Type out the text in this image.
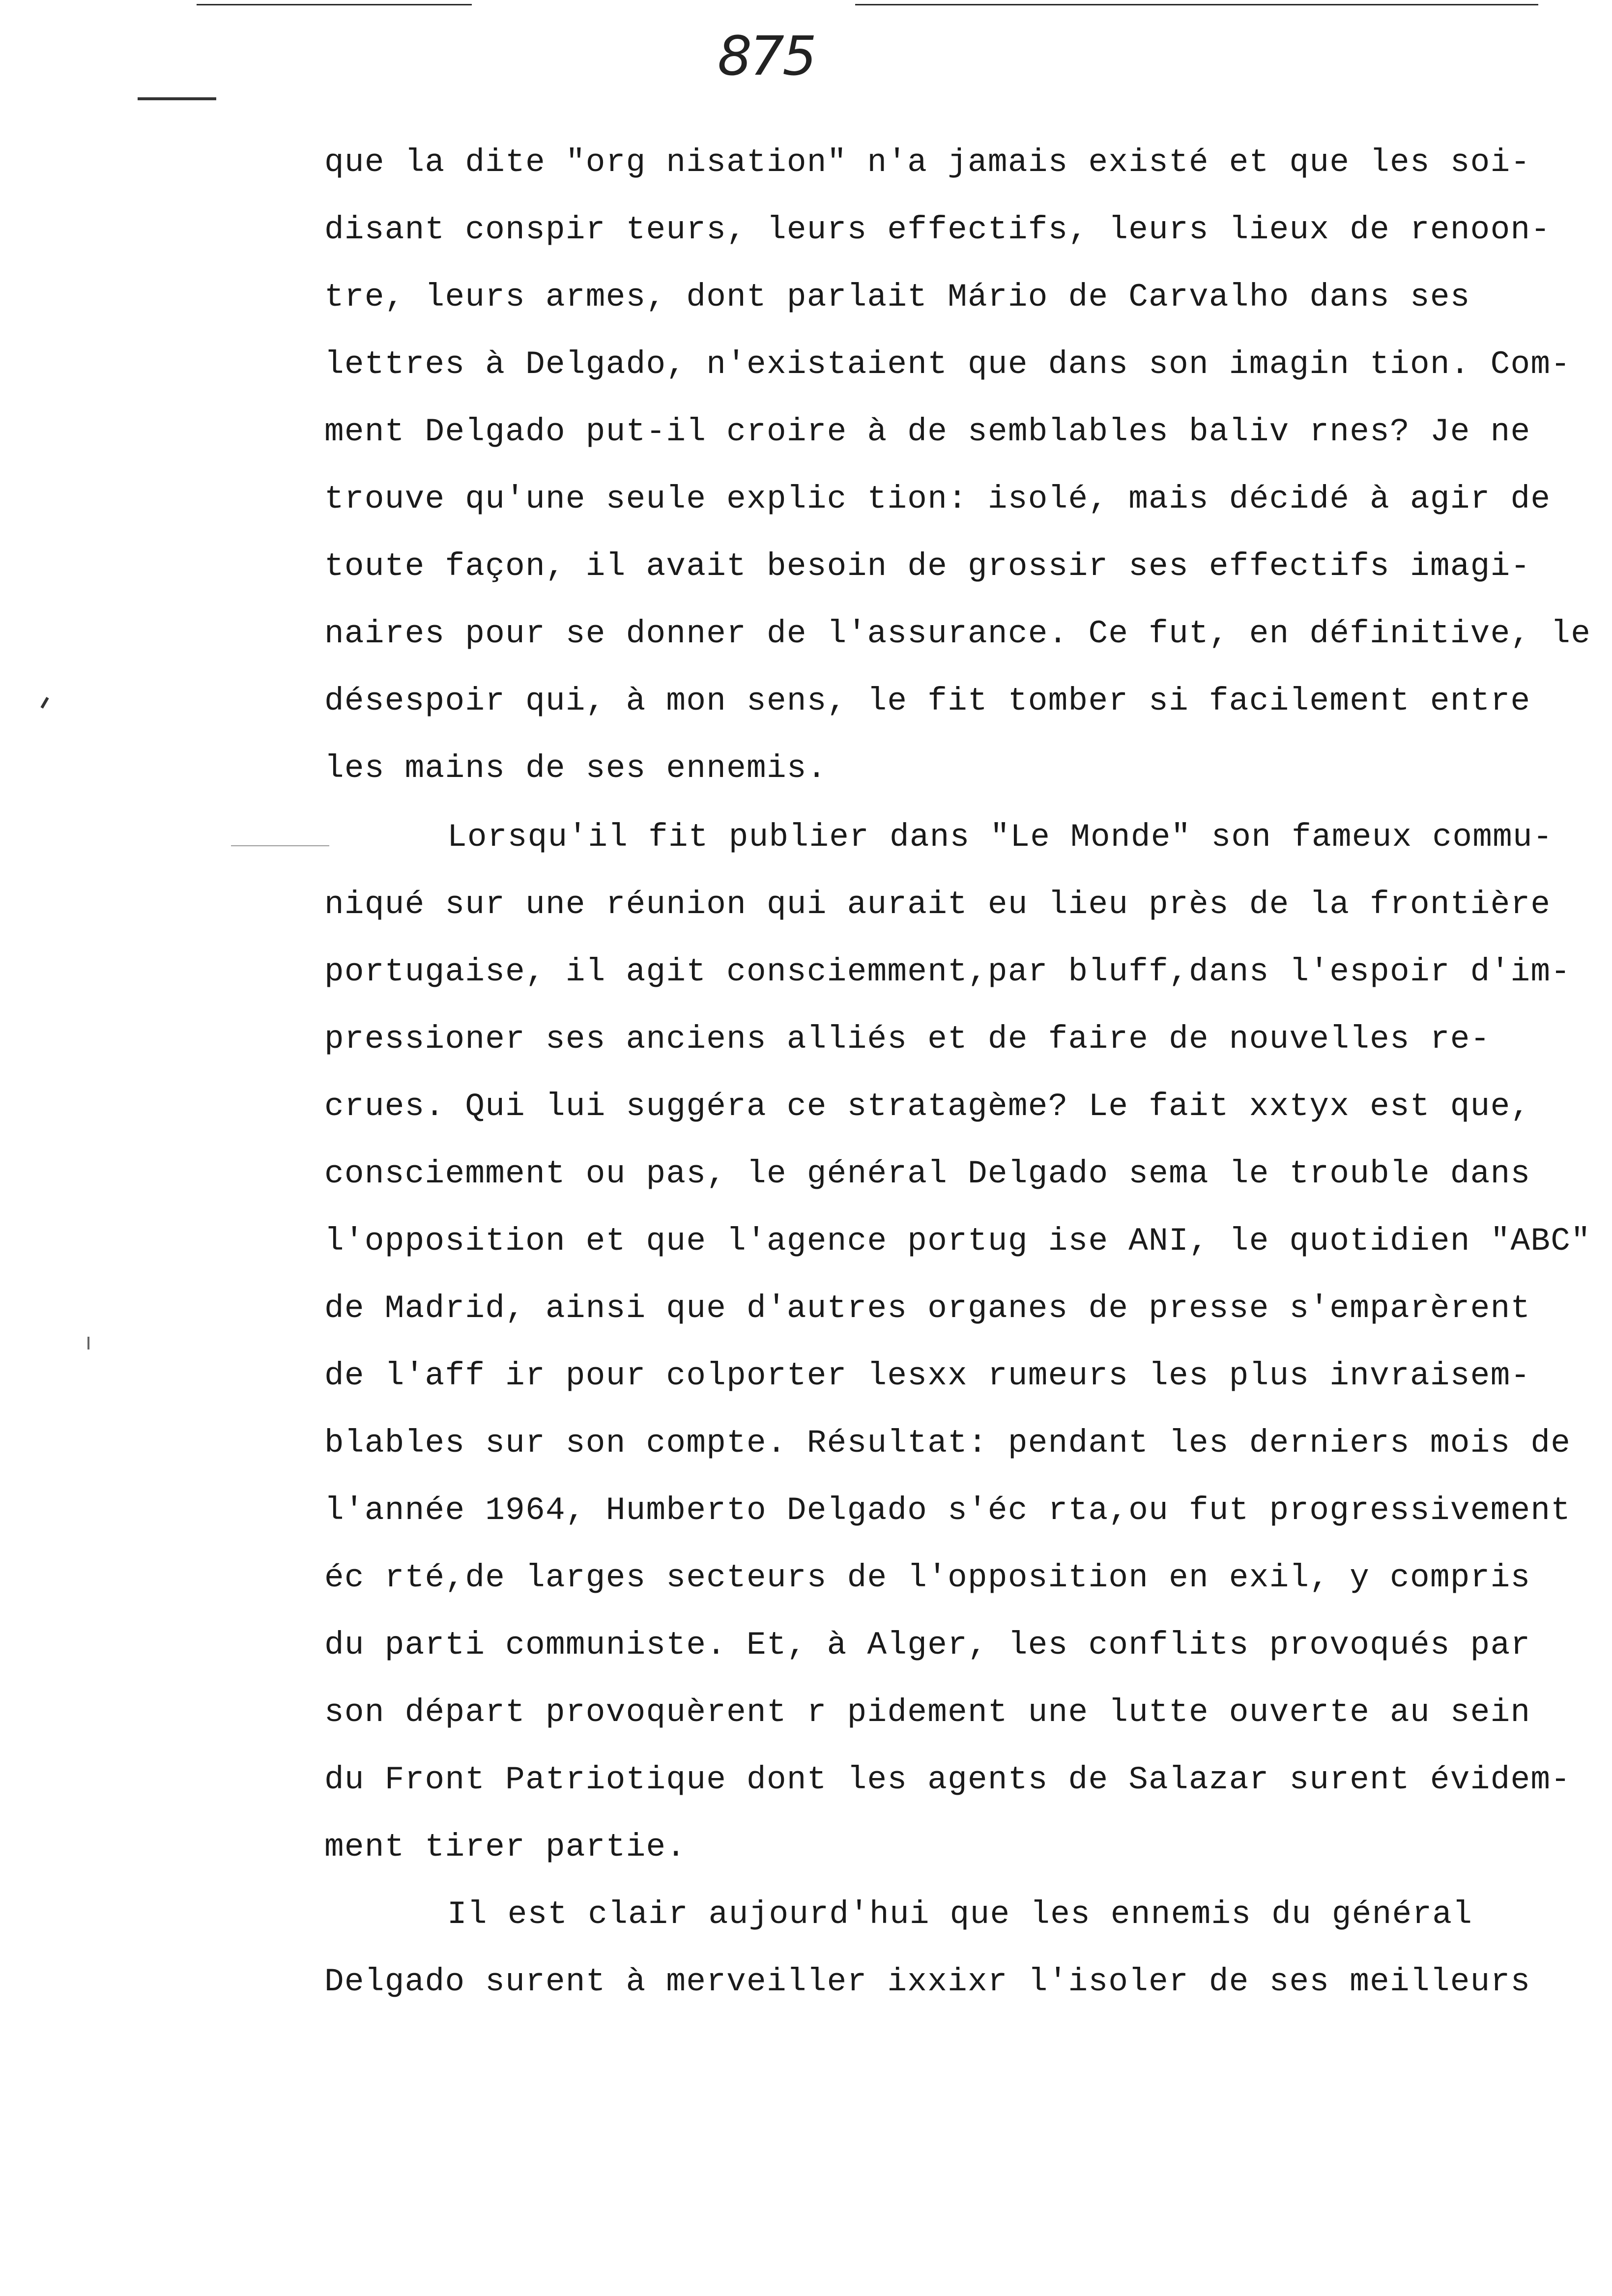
875
que la dite "org nisation" n'a jamais existé et que les soi-
disant conspir teurs, leurs effectifs, leurs lieux de renoon-
tre, leurs armes, dont parlait Mário de Carvalho dans ses
lettres à Delgado, n'existaient que dans son imagin tion. Com-
ment Delgado put-il croire à de semblables baliv rnes? Je ne
trouve qu'une seule explic tion: isolé, mais décidé à agir de
toute façon, il avait besoin de grossir ses effectifs imagi-
naires pour se donner de l'assurance. Ce fut, en définitive, le
désespoir qui, à mon sens, le fit tomber si facilement entre
les mains de ses ennemis.
Lorsqu'il fit publier dans "Le Monde" son fameux commu-
niqué sur une réunion qui aurait eu lieu près de la frontière
portugaise, il agit consciemment,par bluff,dans l'espoir d'im-
pressioner ses anciens alliés et de faire de nouvelles re-
crues. Qui lui suggéra ce stratagème? Le fait xxtyx est que,
consciemment ou pas, le général Delgado sema le trouble dans
l'opposition et que l'agence portug ise ANI, le quotidien "ABC"
de Madrid, ainsi que d'autres organes de presse s'emparèrent
de l'aff ir pour colporter lesxx rumeurs les plus invraisem-
blables sur son compte. Résultat: pendant les derniers mois de
l'année 1964, Humberto Delgado s'éc rta,ou fut progressivement
éc rté,de larges secteurs de l'opposition en exil, y compris
du parti communiste. Et, à Alger, les conflits provoqués par
son départ provoquèrent r pidement une lutte ouverte au sein
du Front Patriotique dont les agents de Salazar surent évidem-
ment tirer partie.
Il est clair aujourd'hui que les ennemis du général
Delgado surent à merveiller ixxixr l'isoler de ses meilleurs
